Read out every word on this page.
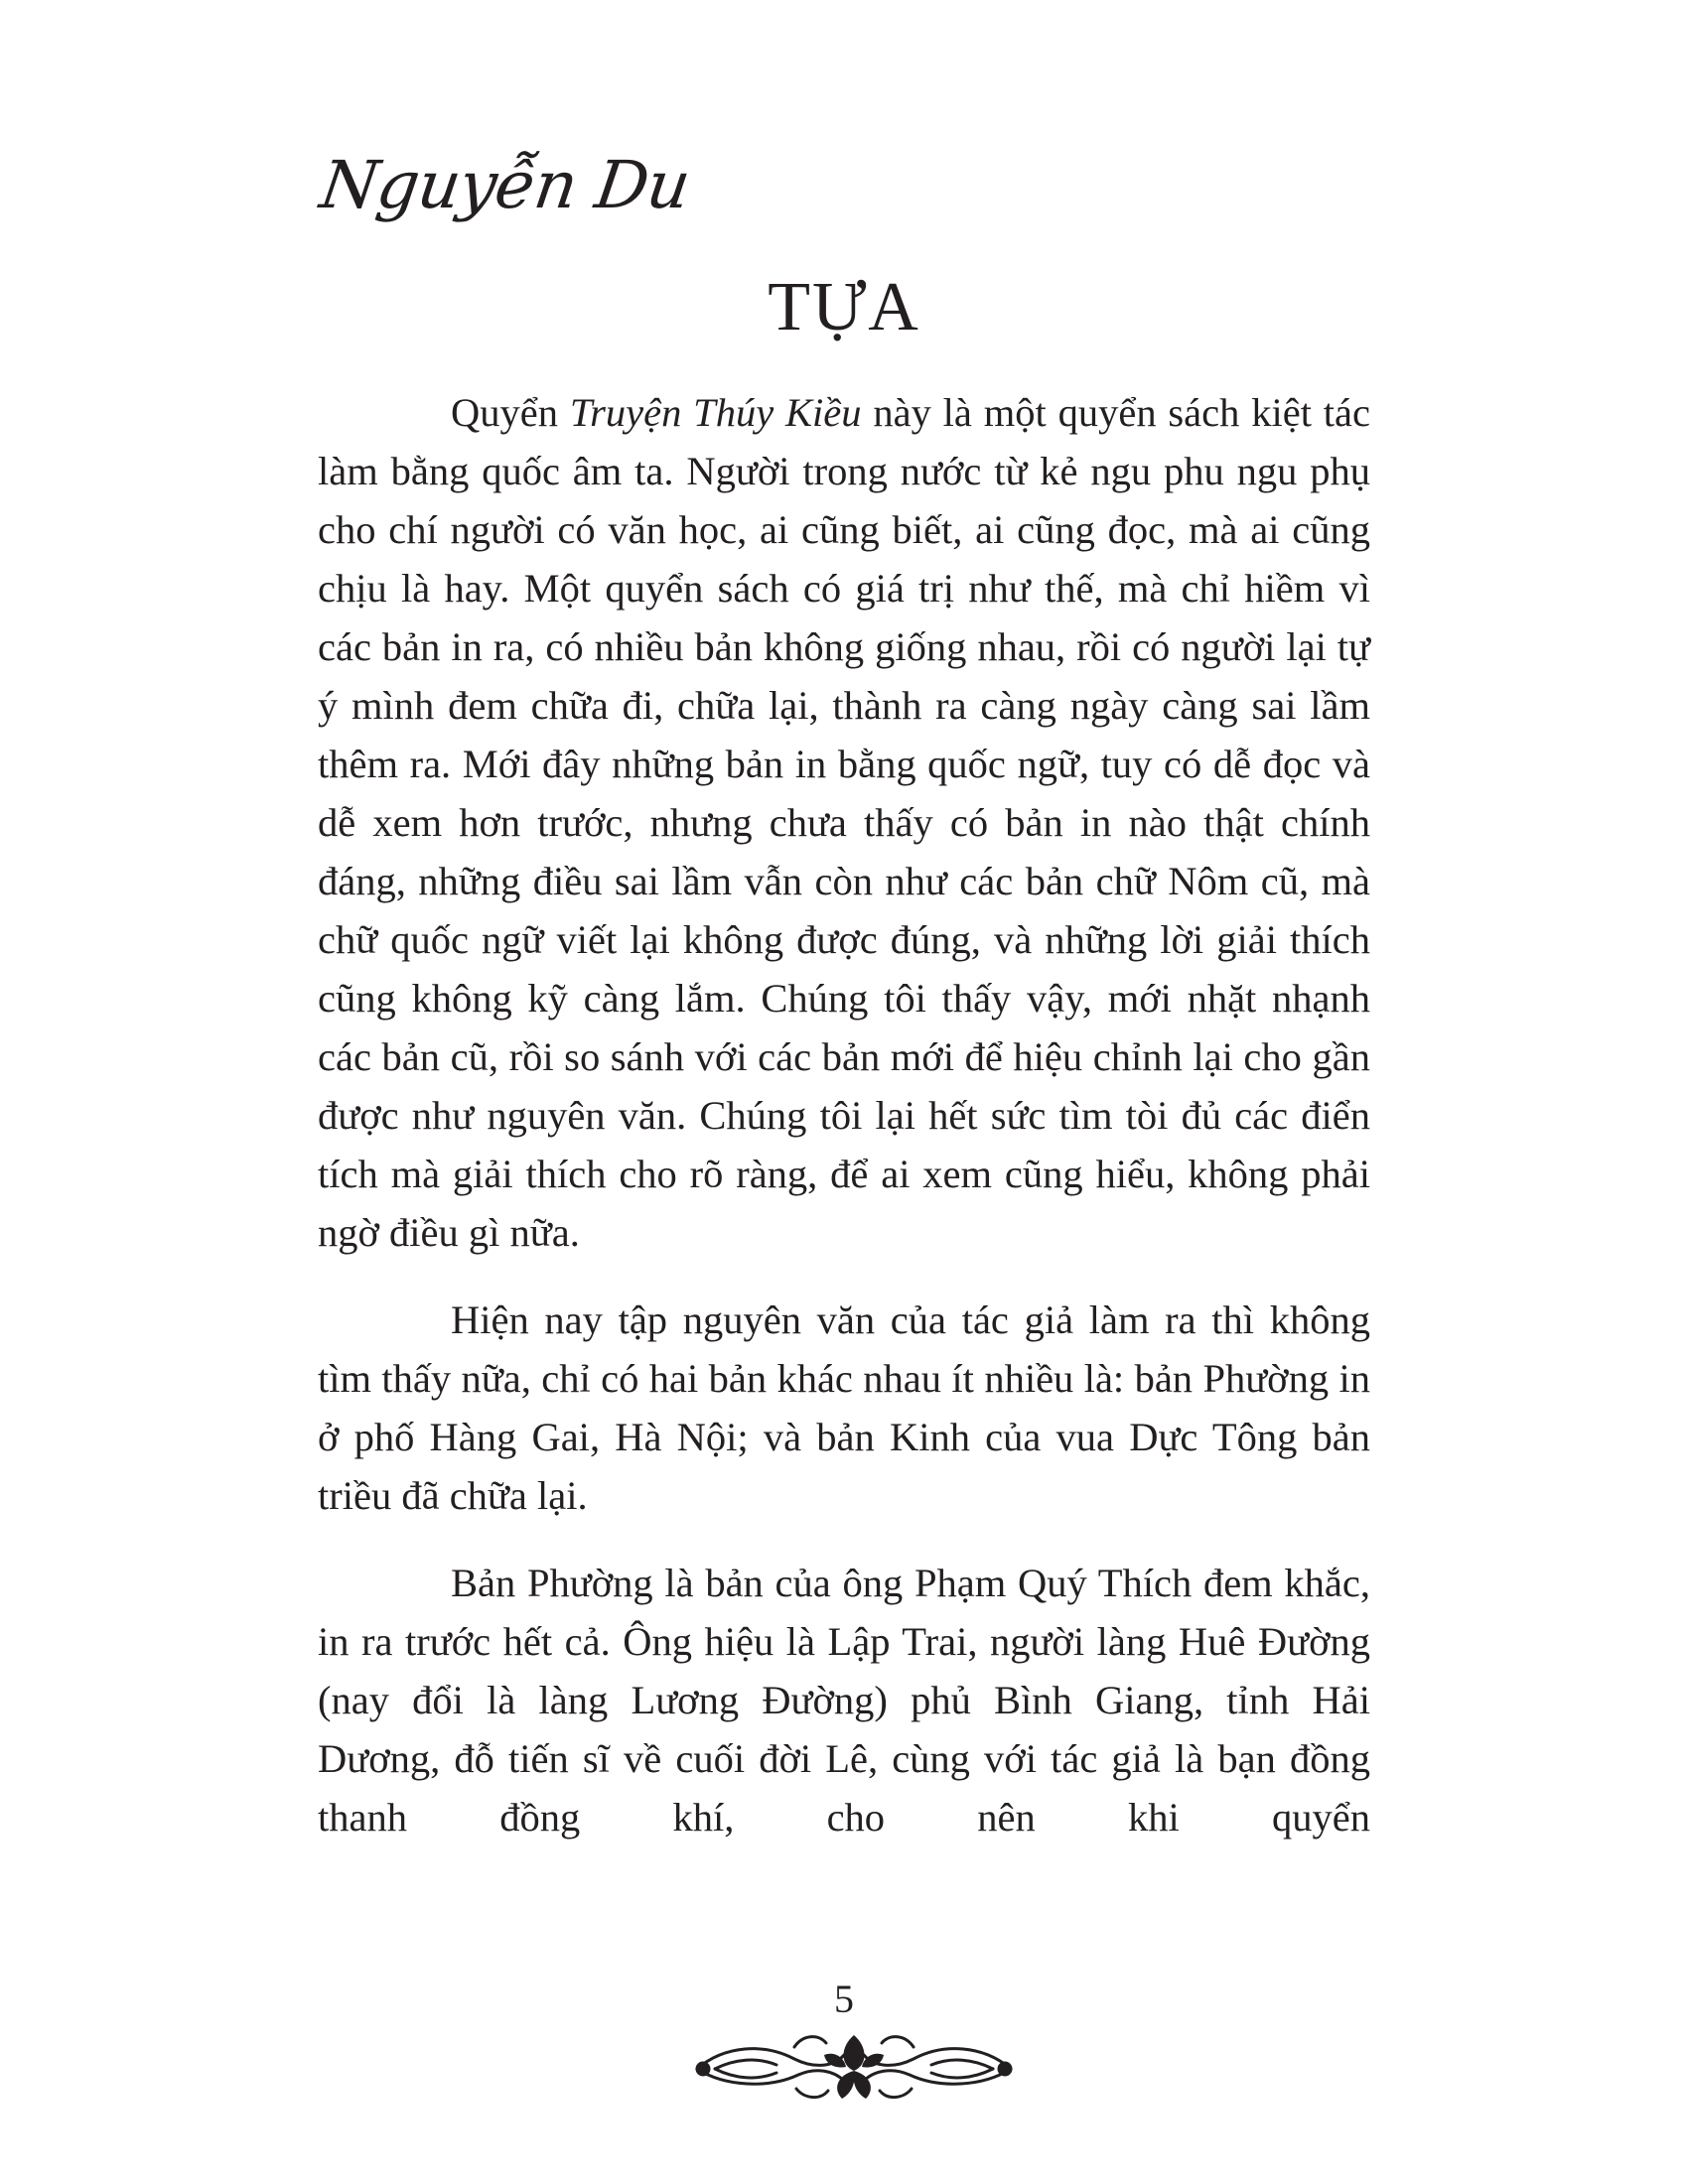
Nguyễn Du
TỰA

Quyển Truyện Thúy Kiều này là một quyển sách kiệt tác làm bằng quốc âm ta. Người trong nước từ kẻ ngu phu ngu phụ cho chí người có văn học, ai cũng biết, ai cũng đọc, mà ai cũng chịu là hay. Một quyển sách có giá trị như thế, mà chỉ hiềm vì các bản in ra, có nhiều bản không giống nhau, rồi có người lại tự ý mình đem chữa đi, chữa lại, thành ra càng ngày càng sai lầm thêm ra. Mới đây những bản in bằng quốc ngữ, tuy có dễ đọc và dễ xem hơn trước, nhưng chưa thấy có bản in nào thật chính đáng, những điều sai lầm vẫn còn như các bản chữ Nôm cũ, mà chữ quốc ngữ viết lại không được đúng, và những lời giải thích cũng không kỹ càng lắm. Chúng tôi thấy vậy, mới nhặt nhạnh các bản cũ, rồi so sánh với các bản mới để hiệu chỉnh lại cho gần được như nguyên văn. Chúng tôi lại hết sức tìm tòi đủ các điển tích mà giải thích cho rõ ràng, để ai xem cũng hiểu, không phải ngờ điều gì nữa.

Hiện nay tập nguyên văn của tác giả làm ra thì không tìm thấy nữa, chỉ có hai bản khác nhau ít nhiều là: bản Phường in ở phố Hàng Gai, Hà Nội; và bản Kinh của vua Dực Tông bản triều đã chữa lại.

Bản Phường là bản của ông Phạm Quý Thích đem khắc, in ra trước hết cả. Ông hiệu là Lập Trai, người làng Huê Đường (nay đổi là làng Lương Đường) phủ Bình Giang, tỉnh Hải Dương, đỗ tiến sĩ về cuối đời Lê, cùng với tác giả là bạn đồng thanh đồng khí, cho nên khi quyển

5
